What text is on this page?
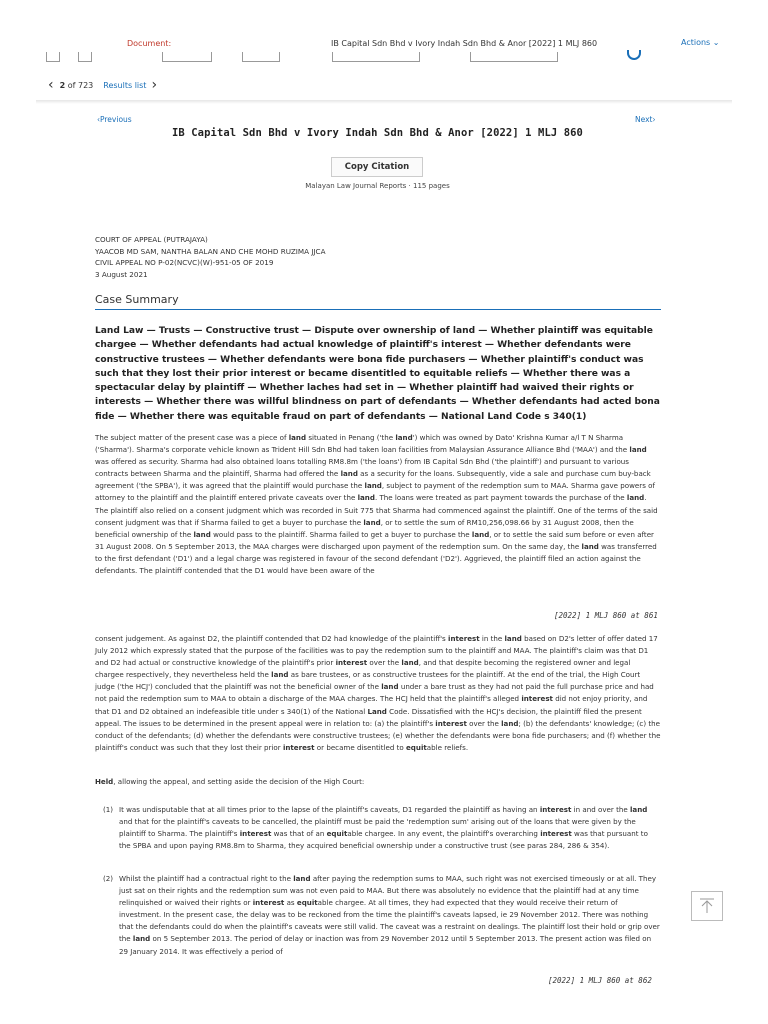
Document:	IB Capital Sdn Bhd v Ivory Indah Sdn Bhd & Anor [2022] 1 MLJ 860	Actions ⌄
‹ 2 of 723 Results list ›
‹Previous	Next›
IB Capital Sdn Bhd v Ivory Indah Sdn Bhd & Anor [2022] 1 MLJ 860
Copy Citation
Malayan Law Journal Reports · 115 pages
COURT OF APPEAL (PUTRAJAYA)
YAACOB MD SAM, NANTHA BALAN AND CHE MOHD RUZIMA JJCA
CIVIL APPEAL NO P-02(NCVC)(W)-951-05 OF 2019
3 August 2021
Case Summary
Land Law — Trusts — Constructive trust — Dispute over ownership of land — Whether plaintiff was equitable chargee — Whether defendants had actual knowledge of plaintiff's interest — Whether defendants were constructive trustees — Whether defendants were bona fide purchasers — Whether plaintiff's conduct was such that they lost their prior interest or became disentitled to equitable reliefs — Whether there was a spectacular delay by plaintiff — Whether laches had set in — Whether plaintiff had waived their rights or interests — Whether there was willful blindness on part of defendants — Whether defendants had acted bona fide — Whether there was equitable fraud on part of defendants — National Land Code s 340(1)
The subject matter of the present case was a piece of land situated in Penang ('the land') which was owned by Dato' Krishna Kumar a/l T N Sharma ('Sharma'). Sharma's corporate vehicle known as Trident Hill Sdn Bhd had taken loan facilities from Malaysian Assurance Alliance Bhd ('MAA') and the land was offered as security. Sharma had also obtained loans totalling RM8.8m ('the loans') from IB Capital Sdn Bhd ('the plaintiff') and pursuant to various contracts between Sharma and the plaintiff, Sharma had offered the land as a security for the loans. Subsequently, vide a sale and purchase cum buy-back agreement ('the SPBA'), it was agreed that the plaintiff would purchase the land, subject to payment of the redemption sum to MAA. Sharma gave powers of attorney to the plaintiff and the plaintiff entered private caveats over the land. The loans were treated as part payment towards the purchase of the land. The plaintiff also relied on a consent judgment which was recorded in Suit 775 that Sharma had commenced against the plaintiff. One of the terms of the said consent judgment was that if Sharma failed to get a buyer to purchase the land, or to settle the sum of RM10,256,098.66 by 31 August 2008, then the beneficial ownership of the land would pass to the plaintiff. Sharma failed to get a buyer to purchase the land, or to settle the said sum before or even after 31 August 2008. On 5 September 2013, the MAA charges were discharged upon payment of the redemption sum. On the same day, the land was transferred to the first defendant ('D1') and a legal charge was registered in favour of the second defendant ('D2'). Aggrieved, the plaintiff filed an action against the defendants. The plaintiff contended that the D1 would have been aware of the
[2022] 1 MLJ 860 at 861
consent judgement. As against D2, the plaintiff contended that D2 had knowledge of the plaintiff's interest in the land based on D2's letter of offer dated 17 July 2012 which expressly stated that the purpose of the facilities was to pay the redemption sum to the plaintiff and MAA. The plaintiff's claim was that D1 and D2 had actual or constructive knowledge of the plaintiff's prior interest over the land, and that despite becoming the registered owner and legal chargee respectively, they nevertheless held the land as bare trustees, or as constructive trustees for the plaintiff. At the end of the trial, the High Court judge ('the HCJ') concluded that the plaintiff was not the beneficial owner of the land under a bare trust as they had not paid the full purchase price and had not paid the redemption sum to MAA to obtain a discharge of the MAA charges. The HCJ held that the plaintiff's alleged interest did not enjoy priority, and that D1 and D2 obtained an indefeasible title under s 340(1) of the National Land Code. Dissatisfied with the HCJ's decision, the plaintiff filed the present appeal. The issues to be determined in the present appeal were in relation to: (a) the plaintiff's interest over the land; (b) the defendants' knowledge; (c) the conduct of the defendants; (d) whether the defendants were constructive trustees; (e) whether the defendants were bona fide purchasers; and (f) whether the plaintiff's conduct was such that they lost their prior interest or became disentitled to equitable reliefs.
Held, allowing the appeal, and setting aside the decision of the High Court:
(1) It was undisputable that at all times prior to the lapse of the plaintiff's caveats, D1 regarded the plaintiff as having an interest in and over the land and that for the plaintiff's caveats to be cancelled, the plaintiff must be paid the 'redemption sum' arising out of the loans that were given by the plaintiff to Sharma. The plaintiff's interest was that of an equitable chargee. In any event, the plaintiff's overarching interest was that pursuant to the SPBA and upon paying RM8.8m to Sharma, they acquired beneficial ownership under a constructive trust (see paras 284, 286 & 354).
(2) Whilst the plaintiff had a contractual right to the land after paying the redemption sums to MAA, such right was not exercised timeously or at all. They just sat on their rights and the redemption sum was not even paid to MAA. But there was absolutely no evidence that the plaintiff had at any time relinquished or waived their rights or interest as equitable chargee. At all times, they had expected that they would receive their return of investment. In the present case, the delay was to be reckoned from the time the plaintiff's caveats lapsed, ie 29 November 2012. There was nothing that the defendants could do when the plaintiff's caveats were still valid. The caveat was a restraint on dealings. The plaintiff lost their hold or grip over the land on 5 September 2013. The period of delay or inaction was from 29 November 2012 until 5 September 2013. The present action was filed on 29 January 2014. It was effectively a period of
[2022] 1 MLJ 860 at 862
